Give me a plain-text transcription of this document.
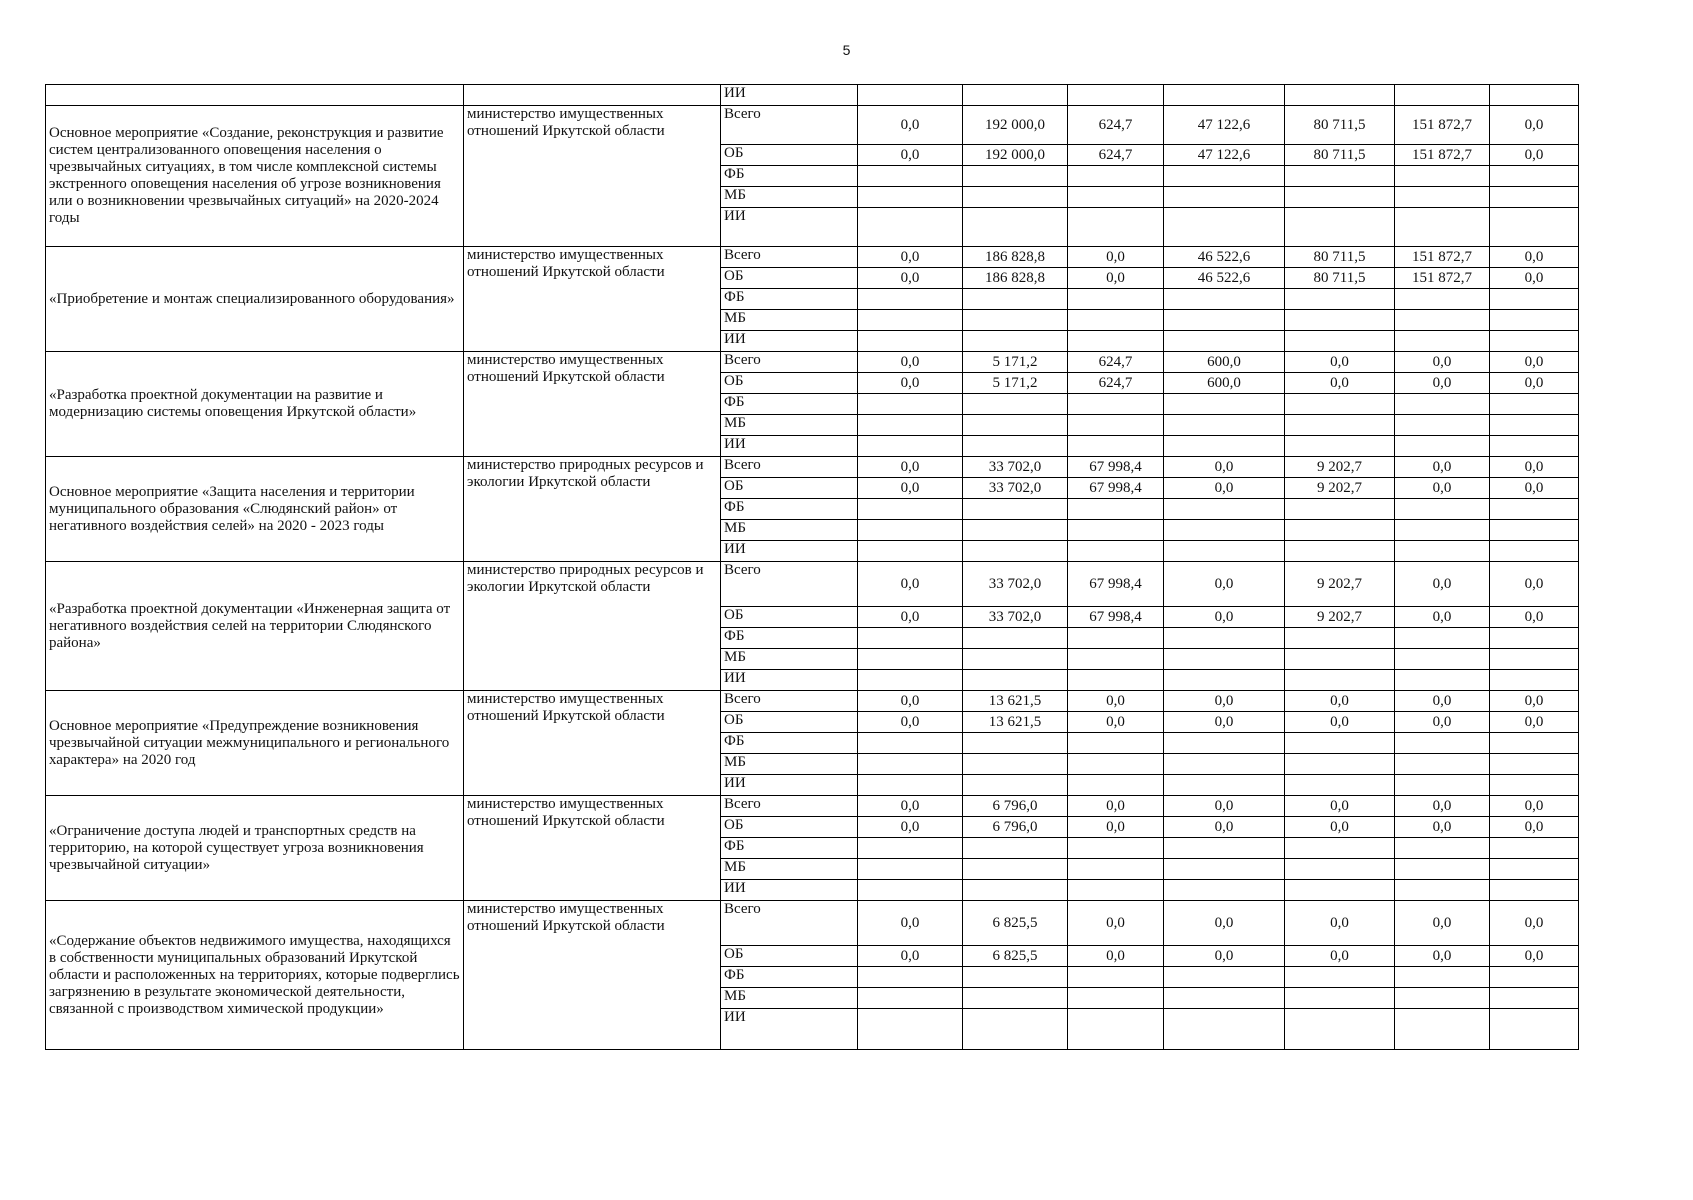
5
		ИИ							
Основное мероприятие «Создание, реконструкция и развитие систем централизованного оповещения населения о чрезвычайных ситуациях, в том числе комплексной системы экстренного оповещения населения об угрозе возникновения или о возникновении чрезвычайных ситуаций» на 2020-2024 годы	министерство имущественных отношений Иркутской области	Всего	0,0	192 000,0	624,7	47 122,6	80 711,5	151 872,7	0,0
		ОБ	0,0	192 000,0	624,7	47 122,6	80 711,5	151 872,7	0,0
		ФБ							
		МБ							
		ИИ							
«Приобретение и монтаж специализированного оборудования»	министерство имущественных отношений Иркутской области	Всего	0,0	186 828,8	0,0	46 522,6	80 711,5	151 872,7	0,0
		ОБ	0,0	186 828,8	0,0	46 522,6	80 711,5	151 872,7	0,0
		ФБ							
		МБ							
		ИИ							
«Разработка проектной документации на развитие и модернизацию системы оповещения Иркутской области»	министерство имущественных отношений Иркутской области	Всего	0,0	5 171,2	624,7	600,0	0,0	0,0	0,0
		ОБ	0,0	5 171,2	624,7	600,0	0,0	0,0	0,0
		ФБ							
		МБ							
		ИИ							
Основное мероприятие «Защита населения и территории муниципального образования «Слюдянский район» от негативного воздействия селей» на 2020 - 2023 годы	министерство природных ресурсов и экологии Иркутской области	Всего	0,0	33 702,0	67 998,4	0,0	9 202,7	0,0	0,0
		ОБ	0,0	33 702,0	67 998,4	0,0	9 202,7	0,0	0,0
		ФБ							
		МБ							
		ИИ							
«Разработка проектной документации «Инженерная защита от негативного воздействия селей на территории Слюдянского района»	министерство природных ресурсов и экологии Иркутской области	Всего	0,0	33 702,0	67 998,4	0,0	9 202,7	0,0	0,0
		ОБ	0,0	33 702,0	67 998,4	0,0	9 202,7	0,0	0,0
		ФБ							
		МБ							
		ИИ							
Основное мероприятие «Предупреждение возникновения чрезвычайной ситуации межмуниципального и регионального характера» на 2020 год	министерство имущественных отношений Иркутской области	Всего	0,0	13 621,5	0,0	0,0	0,0	0,0	0,0
		ОБ	0,0	13 621,5	0,0	0,0	0,0	0,0	0,0
		ФБ							
		МБ							
		ИИ							
«Ограничение доступа людей и транспортных средств на территорию, на которой существует угроза возникновения чрезвычайной ситуации»	министерство имущественных отношений Иркутской области	Всего	0,0	6 796,0	0,0	0,0	0,0	0,0	0,0
		ОБ	0,0	6 796,0	0,0	0,0	0,0	0,0	0,0
		ФБ							
		МБ							
		ИИ							
«Содержание объектов недвижимого имущества, находящихся в собственности муниципальных образований Иркутской области и расположенных на территориях, которые подверглись загрязнению в результате экономической деятельности, связанной с производством химической продукции»	министерство имущественных отношений Иркутской области	Всего	0,0	6 825,5	0,0	0,0	0,0	0,0	0,0
		ОБ	0,0	6 825,5	0,0	0,0	0,0	0,0	0,0
		ФБ							
		МБ							
		ИИ							
